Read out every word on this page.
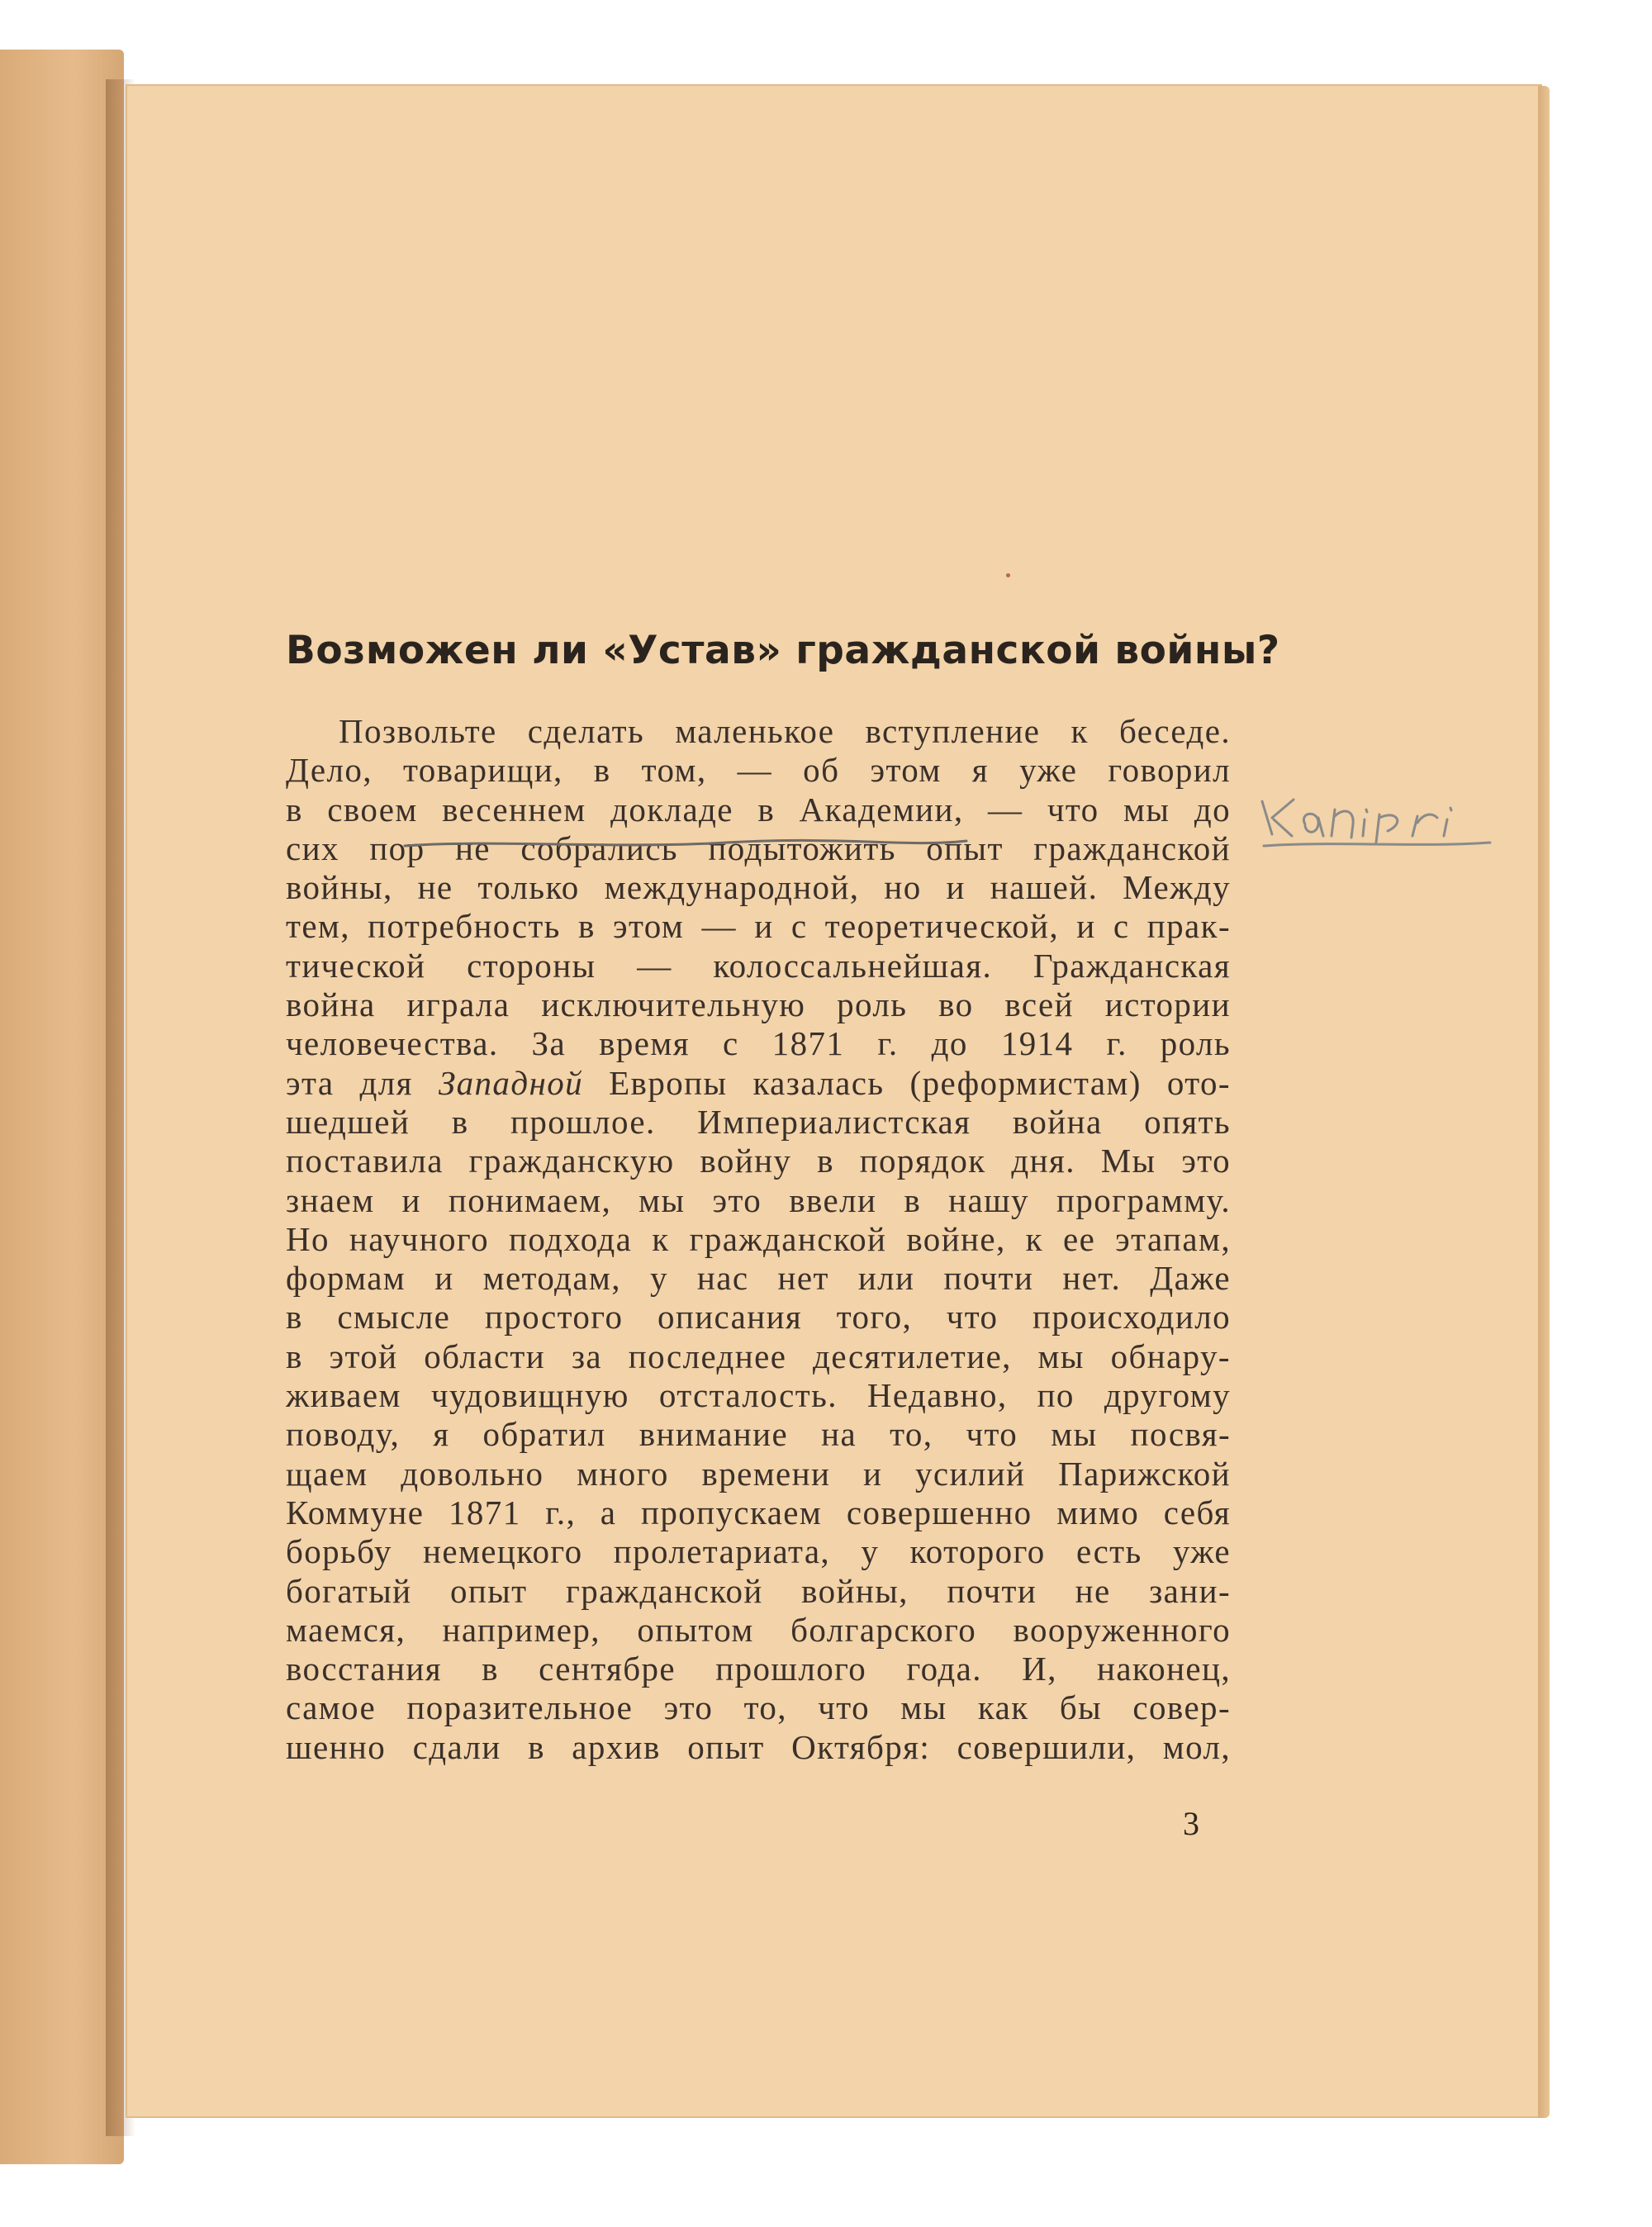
Возможен ли «Устав» гражданской войны?
Позвольте сделать маленькое вступление к беседе.
Дело, товарищи, в том, — об этом я уже говорил
в своем весеннем докладе в Академии, — что мы до
сих пор не собрались подытожить опыт гражданской
войны, не только международной, но и нашей. Между
тем, потребность в этом — и с теоретической, и с прак-
тической стороны — колоссальнейшая. Гражданская
война играла исключительную роль во всей истории
человечества. За время с 1871 г. до 1914 г. роль
эта для Западной Европы казалась (реформистам) ото-
шедшей в прошлое. Империалистская война опять
поставила гражданскую войну в порядок дня. Мы это
знаем и понимаем, мы это ввели в нашу программу.
Но научного подхода к гражданской войне, к ее этапам,
формам и методам, у нас нет или почти нет. Даже
в смысле простого описания того, что происходило
в этой области за последнее десятилетие, мы обнару-
живаем чудовищную отсталость. Недавно, по другому
поводу, я обратил внимание на то, что мы посвя-
щаем довольно много времени и усилий Парижской
Коммуне 1871 г., а пропускаем совершенно мимо себя
борьбу немецкого пролетариата, у которого есть уже
богатый опыт гражданской войны, почти не зани-
маемся, например, опытом болгарского вооруженного
восстания в сентябре прошлого года. И, наконец,
самое поразительное это то, что мы как бы совер-
шенно сдали в архив опыт Октября: совершили, мол,
3
